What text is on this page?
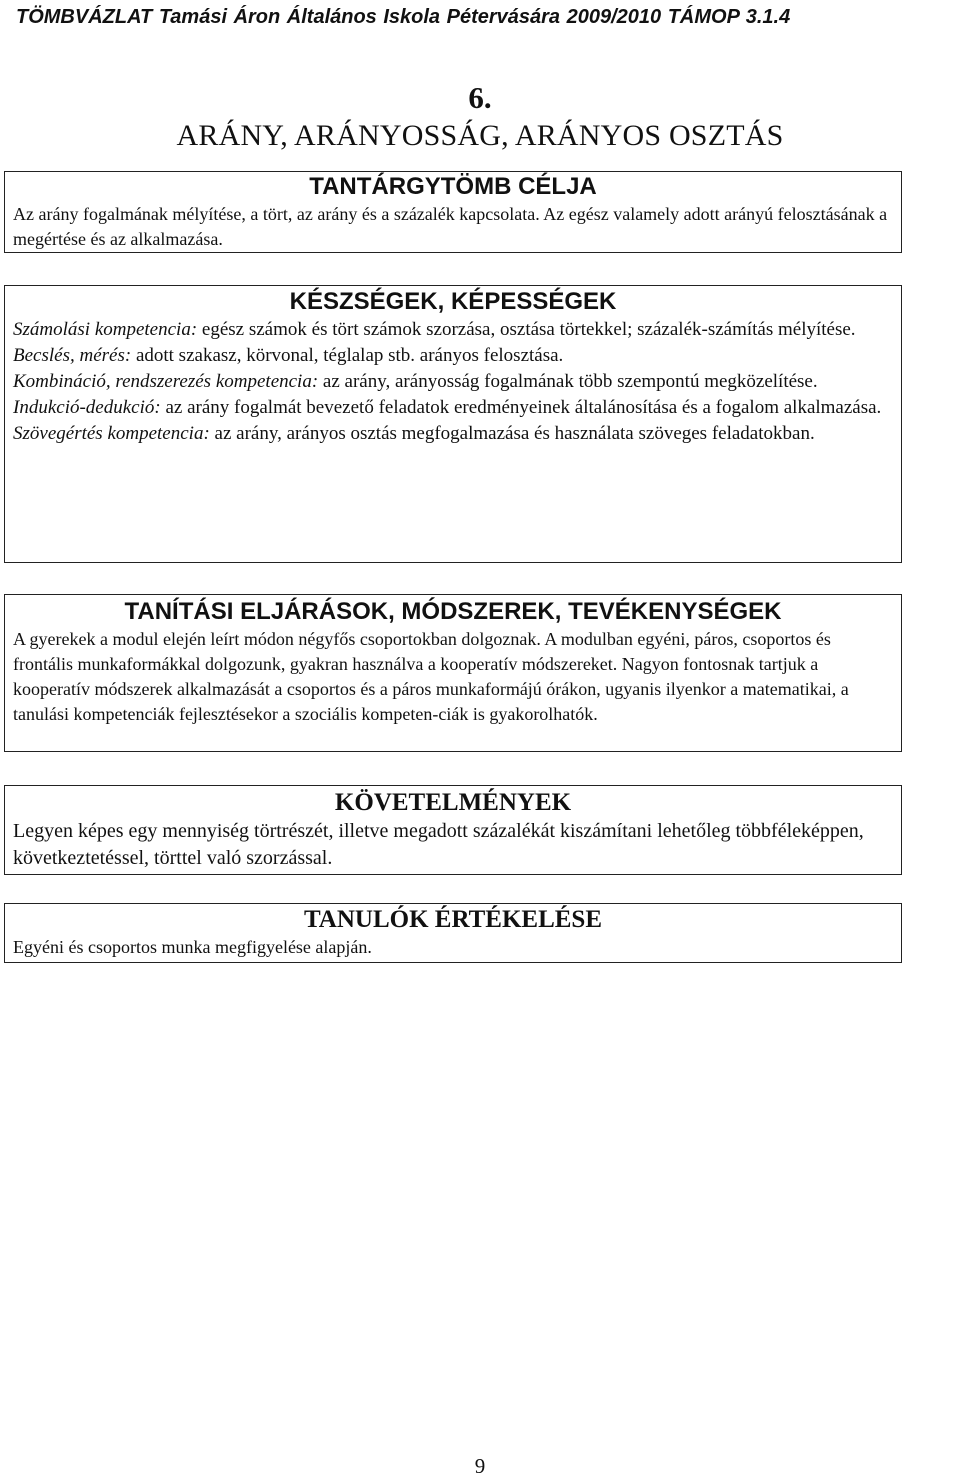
TÖMBVÁZLAT Tamási Áron Általános Iskola Pétervására 2009/2010 TÁMOP 3.1.4
6.
ARÁNY, ARÁNYOSSÁG, ARÁNYOS OSZTÁS
TANTÁRGYTÖMB CÉLJA

Az arány fogalmának mélyítése, a tört, az arány és a százalék kapcsolata. Az egész valamely adott arányú felosztásának a megértése és az alkalmazása.

KÉSZSÉGEK, KÉPESSÉGEK

Számolási kompetencia: egész számok és tört számok szorzása, osztása törtekkel; százalék-számítás mélyítése.

Becslés, mérés: adott szakasz, körvonal, téglalap stb. arányos felosztása.

Kombináció, rendszerezés kompetencia: az arány, arányosság fogalmának több szempontú megközelítése.

Indukció-dedukció: az arány fogalmát bevezető feladatok eredményeinek általánosítása és a fogalom alkalmazása.

Szövegértés kompetencia: az arány, arányos osztás megfogalmazása és használata szöveges feladatokban.

TANÍTÁSI ELJÁRÁSOK, MÓDSZEREK, TEVÉKENYSÉGEK

A gyerekek a modul elején leírt módon négyfős csoportokban dolgoznak. A modulban egyéni, páros, csoportos és frontális munkaformákkal dolgozunk, gyakran használva a kooperatív módszereket. Nagyon fontosnak tartjuk a kooperatív módszerek alkalmazását a csoportos és a páros munkaformájú órákon, ugyanis ilyenkor a matematikai, a tanulási kompetenciák fejlesztésekor a szociális kompeten-ciák is gyakorolhatók.

KÖVETELMÉNYEK

Legyen képes egy mennyiség törtrészét, illetve megadott százalékát kiszámítani lehetőleg többféleképpen, következtetéssel, törttel való szorzással.

TANULÓK ÉRTÉKELÉSE

Egyéni és csoportos munka megfigyelése alapján.

9
